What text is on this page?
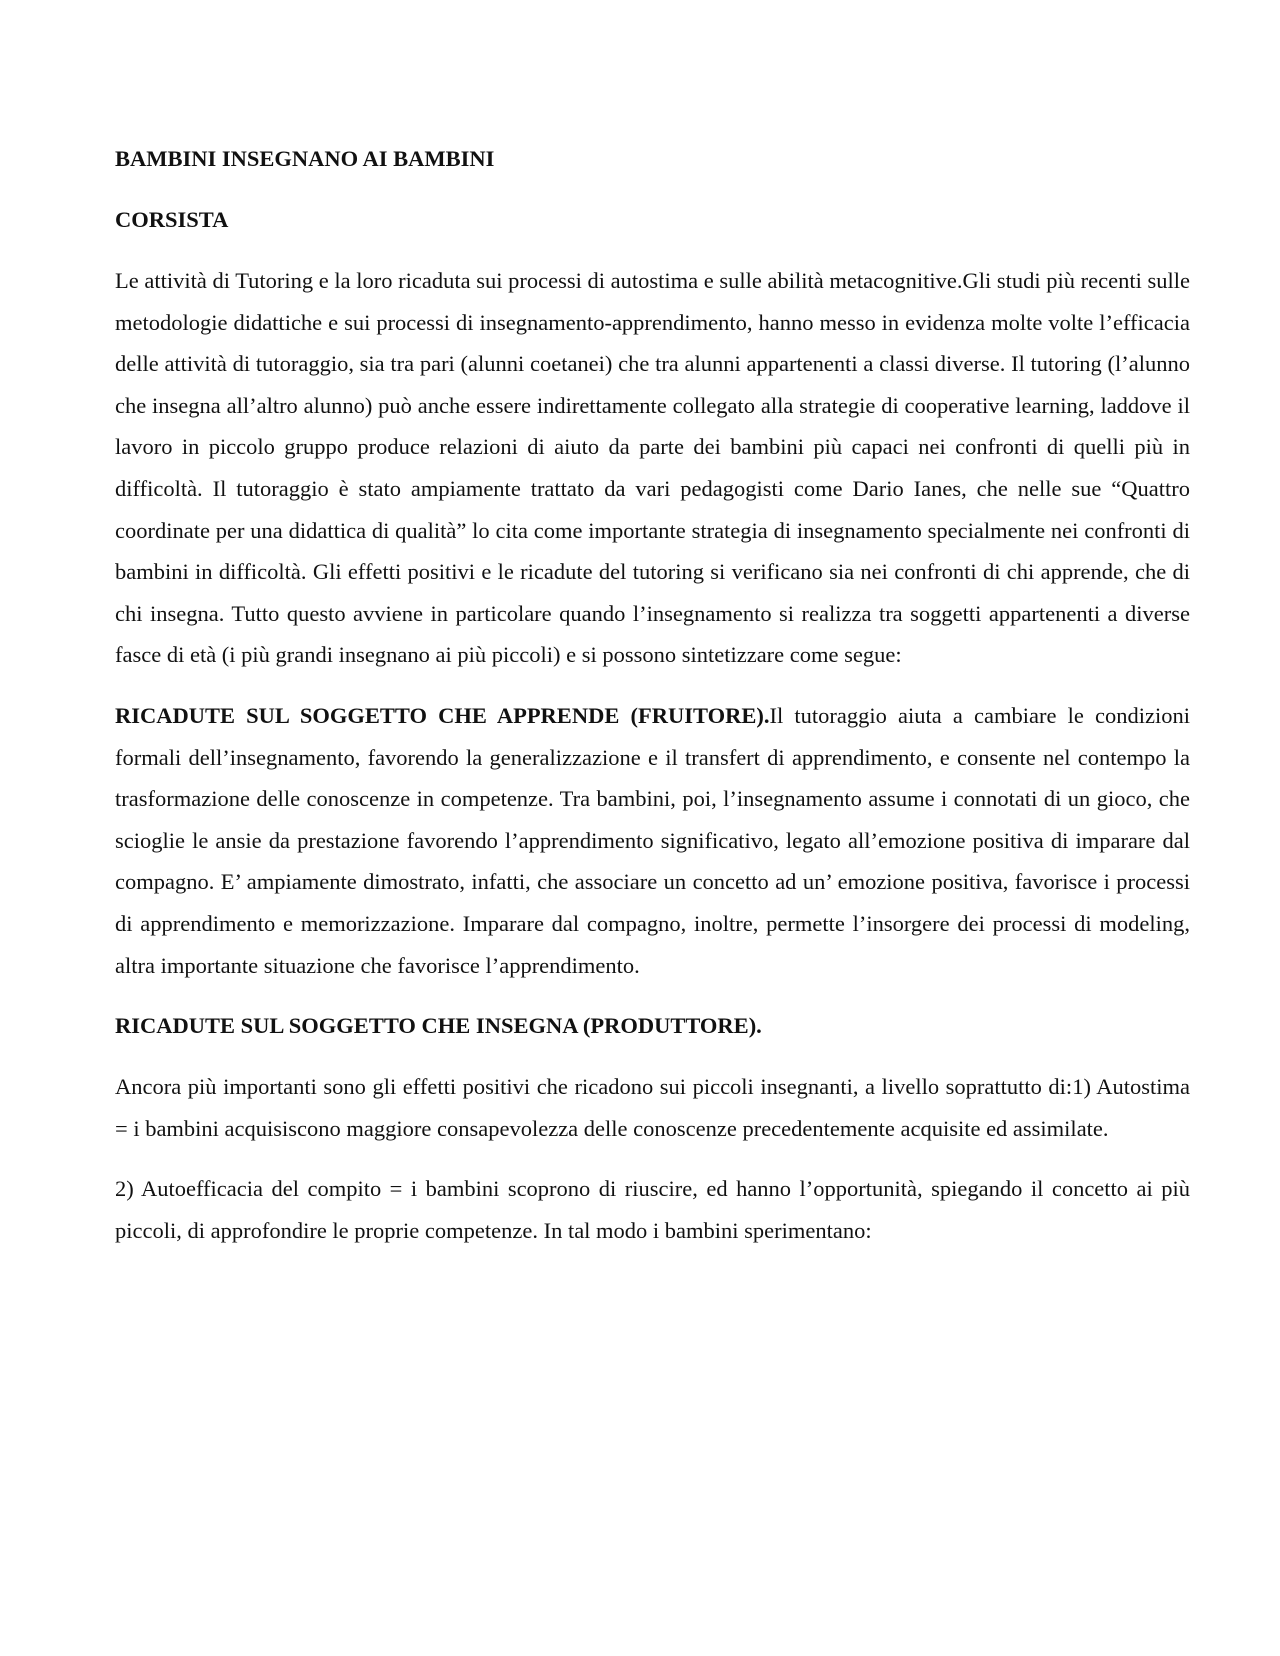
BAMBINI INSEGNANO AI BAMBINI
CORSISTA

Le attività di Tutoring e la loro ricaduta sui processi di autostima e sulle abilità metacognitive.Gli studi più recenti sulle metodologie didattiche e sui processi di insegnamento-apprendimento, hanno messo in evidenza molte volte l’efficacia delle attività di tutoraggio, sia tra pari (alunni coetanei) che tra alunni appartenenti a classi diverse. Il tutoring (l’alunno che insegna all’altro alunno) può anche essere indirettamente collegato alla strategie di cooperative learning, laddove il lavoro in piccolo gruppo produce relazioni di aiuto da parte dei bambini più capaci nei confronti di quelli più in difficoltà. Il tutoraggio è stato ampiamente trattato da vari pedagogisti come Dario Ianes, che nelle sue “Quattro coordinate per una didattica di qualità” lo cita come importante strategia di insegnamento specialmente nei confronti di bambini in difficoltà. Gli effetti positivi e le ricadute del tutoring si verificano sia nei confronti di chi apprende, che di chi insegna. Tutto questo avviene in particolare quando l’insegnamento si realizza tra soggetti appartenenti a diverse fasce di età (i più grandi insegnano ai più piccoli) e si possono sintetizzare come segue:

RICADUTE SUL SOGGETTO CHE APPRENDE (FRUITORE).Il tutoraggio aiuta a cambiare le condizioni formali dell’insegnamento, favorendo la generalizzazione e il transfert di apprendimento, e consente nel contempo la trasformazione delle conoscenze in competenze. Tra bambini, poi, l’insegnamento assume i connotati di un gioco, che scioglie le ansie da prestazione favorendo l’apprendimento significativo, legato all’emozione positiva di imparare dal compagno. E’ ampiamente dimostrato, infatti, che associare un concetto ad un’ emozione positiva, favorisce i processi di apprendimento e memorizzazione. Imparare dal compagno, inoltre, permette l’insorgere dei processi di modeling, altra importante situazione che favorisce l’apprendimento.

RICADUTE SUL SOGGETTO CHE INSEGNA (PRODUTTORE).

Ancora più importanti sono gli effetti positivi che ricadono sui piccoli insegnanti, a livello soprattutto di:1) Autostima = i bambini acquisiscono maggiore consapevolezza delle conoscenze precedentemente acquisite ed assimilate.

2) Autoefficacia del compito = i bambini scoprono di riuscire, ed hanno l’opportunità, spiegando il concetto ai più piccoli, di approfondire le proprie competenze. In tal modo i bambini sperimentano:
